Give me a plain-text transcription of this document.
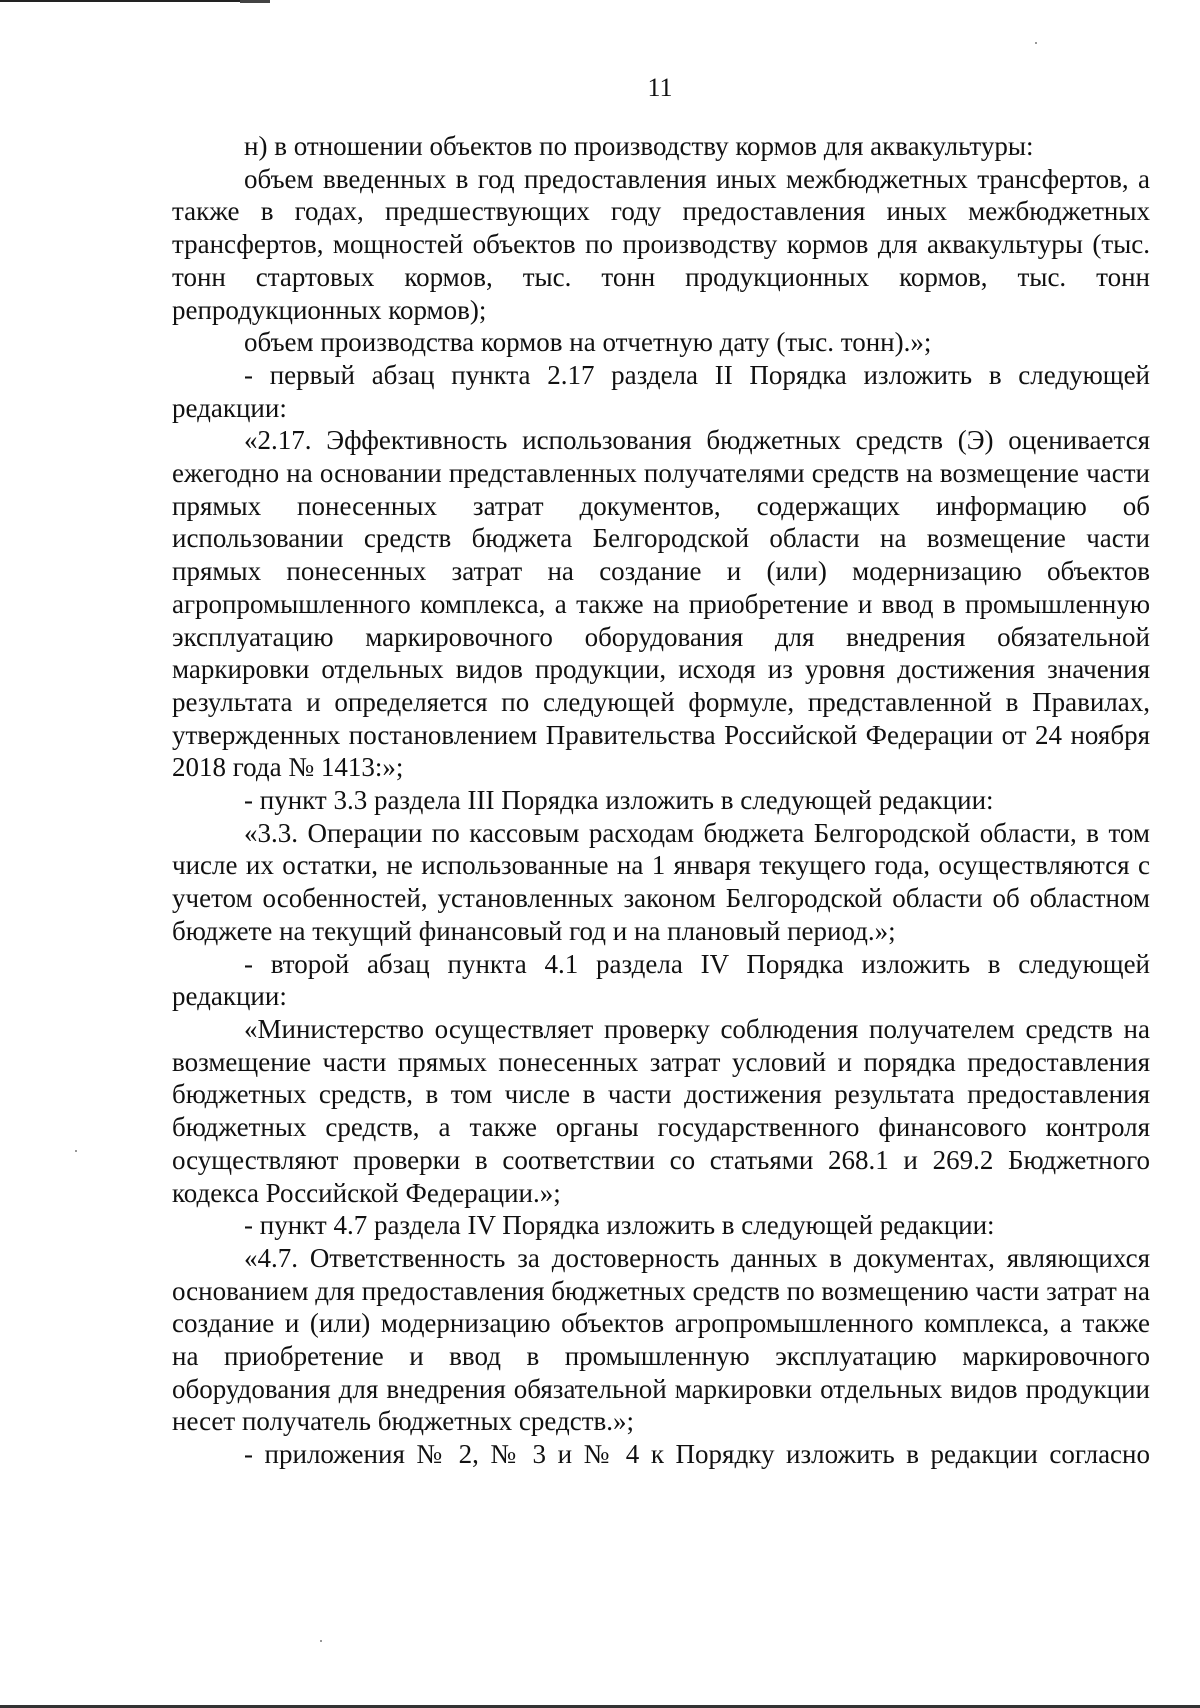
11

н) в отношении объектов по производству кормов для аквакультуры:

объем введенных в год предоставления иных межбюджетных трансфертов, а также в годах, предшествующих году предоставления иных межбюджетных трансфертов, мощностей объектов по производству кормов для аквакультуры (тыс. тонн стартовых кормов, тыс. тонн продукционных кормов, тыс. тонн репродукционных кормов);

объем производства кормов на отчетную дату (тыс. тонн).»;

- первый абзац пункта 2.17 раздела II Порядка изложить в следующей редакции:

«2.17. Эффективность использования бюджетных средств (Э) оценивается ежегодно на основании представленных получателями средств на возмещение части прямых понесенных затрат документов, содержащих информацию об использовании средств бюджета Белгородской области на возмещение части прямых понесенных затрат на создание и (или) модернизацию объектов агропромышленного комплекса, а также на приобретение и ввод в промышленную эксплуатацию маркировочного оборудования для внедрения обязательной маркировки отдельных видов продукции, исходя из уровня достижения значения результата и определяется по следующей формуле, представленной в Правилах, утвержденных постановлением Правительства Российской Федерации от 24 ноября 2018 года № 1413:»;

- пункт 3.3 раздела III Порядка изложить в следующей редакции:

«3.3. Операции по кассовым расходам бюджета Белгородской области, в том числе их остатки, не использованные на 1 января текущего года, осуществляются с учетом особенностей, установленных законом Белгородской области об областном бюджете на текущий финансовый год и на плановый период.»;

- второй абзац пункта 4.1 раздела IV Порядка изложить в следующей редакции:

«Министерство осуществляет проверку соблюдения получателем средств на возмещение части прямых понесенных затрат условий и порядка предоставления бюджетных средств, в том числе в части достижения результата предоставления бюджетных средств, а также органы государственного финансового контроля осуществляют проверки в соответствии со статьями 268.1 и 269.2 Бюджетного кодекса Российской Федерации.»;

- пункт 4.7 раздела IV Порядка изложить в следующей редакции:

«4.7. Ответственность за достоверность данных в документах, являющихся основанием для предоставления бюджетных средств по возмещению части затрат на создание и (или) модернизацию объектов агропромышленного комплекса, а также на приобретение и ввод в промышленную эксплуатацию маркировочного оборудования для внедрения обязательной маркировки отдельных видов продукции несет получатель бюджетных средств.»;

- приложения № 2, № 3 и № 4 к Порядку изложить в редакции согласно
